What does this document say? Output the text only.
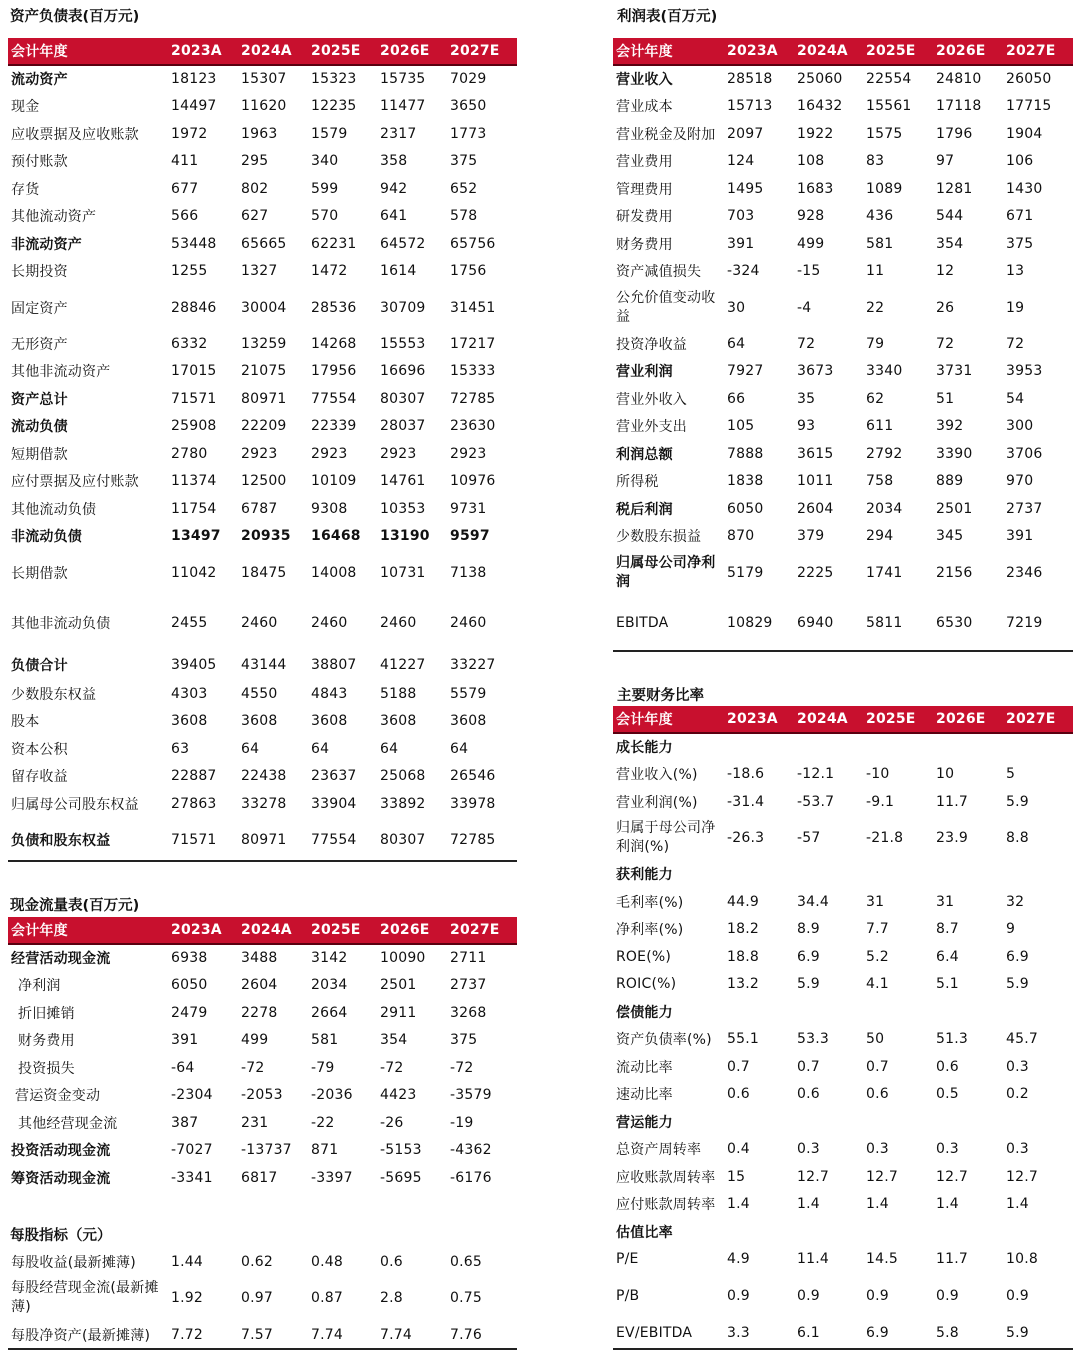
资产负债表(百万元)
会计年度	2023A	2024A	2025E	2026E	2027E
流动资产	18123	15307	15323	15735	7029
现金	14497	11620	12235	11477	3650
应收票据及应收账款	1972	1963	1579	2317	1773
预付账款	411	295	340	358	375
存货	677	802	599	942	652
其他流动资产	566	627	570	641	578
非流动资产	53448	65665	62231	64572	65756
长期投资	1255	1327	1472	1614	1756
固定资产	28846	30004	28536	30709	31451
无形资产	6332	13259	14268	15553	17217
其他非流动资产	17015	21075	17956	16696	15333
资产总计	71571	80971	77554	80307	72785
流动负债	25908	22209	22339	28037	23630
短期借款	2780	2923	2923	2923	2923
应付票据及应付账款	11374	12500	10109	14761	10976
其他流动负债	11754	6787	9308	10353	9731
非流动负债	13497	20935	16468	13190	9597
长期借款	11042	18475	14008	10731	7138
其他非流动负债	2455	2460	2460	2460	2460
负债合计	39405	43144	38807	41227	33227
少数股东权益	4303	4550	4843	5188	5579
股本	3608	3608	3608	3608	3608
资本公积	63	64	64	64	64
留存收益	22887	22438	23637	25068	26546
归属母公司股东权益	27863	33278	33904	33892	33978
负债和股东权益	71571	80971	77554	80307	72785
现金流量表(百万元)
会计年度	2023A	2024A	2025E	2026E	2027E
经营活动现金流	6938	3488	3142	10090	2711
净利润	6050	2604	2034	2501	2737
折旧摊销	2479	2278	2664	2911	3268
财务费用	391	499	581	354	375
投资损失	-64	-72	-79	-72	-72
营运资金变动	-2304	-2053	-2036	4423	-3579
其他经营现金流	387	231	-22	-26	-19
投资活动现金流	-7027	-13737	871	-5153	-4362
筹资活动现金流	-3341	6817	-3397	-5695	-6176
每股指标（元）
每股收益(最新摊薄)	1.44	0.62	0.48	0.6	0.65
每股经营现金流(最新摊薄)	1.92	0.97	0.87	2.8	0.75
每股净资产(最新摊薄)	7.72	7.57	7.74	7.74	7.76
利润表(百万元)
会计年度	2023A	2024A	2025E	2026E	2027E
营业收入	28518	25060	22554	24810	26050
营业成本	15713	16432	15561	17118	17715
营业税金及附加	2097	1922	1575	1796	1904
营业费用	124	108	83	97	106
管理费用	1495	1683	1089	1281	1430
研发费用	703	928	436	544	671
财务费用	391	499	581	354	375
资产减值损失	-324	-15	11	12	13
公允价值变动收益	30	-4	22	26	19
投资净收益	64	72	79	72	72
营业利润	7927	3673	3340	3731	3953
营业外收入	66	35	62	51	54
营业外支出	105	93	611	392	300
利润总额	7888	3615	2792	3390	3706
所得税	1838	1011	758	889	970
税后利润	6050	2604	2034	2501	2737
少数股东损益	870	379	294	345	391
归属母公司净利润	5179	2225	1741	2156	2346
EBITDA	10829	6940	5811	6530	7219
主要财务比率
会计年度	2023A	2024A	2025E	2026E	2027E
成长能力					
营业收入(%)	-18.6	-12.1	-10	10	5
营业利润(%)	-31.4	-53.7	-9.1	11.7	5.9
归属于母公司净利润(%)	-26.3	-57	-21.8	23.9	8.8
获利能力					
毛利率(%)	44.9	34.4	31	31	32
净利率(%)	18.2	8.9	7.7	8.7	9
ROE(%)	18.8	6.9	5.2	6.4	6.9
ROIC(%)	13.2	5.9	4.1	5.1	5.9
偿债能力					
资产负债率(%)	55.1	53.3	50	51.3	45.7
流动比率	0.7	0.7	0.7	0.6	0.3
速动比率	0.6	0.6	0.6	0.5	0.2
营运能力					
总资产周转率	0.4	0.3	0.3	0.3	0.3
应收账款周转率	15	12.7	12.7	12.7	12.7
应付账款周转率	1.4	1.4	1.4	1.4	1.4
估值比率					
P/E	4.9	11.4	14.5	11.7	10.8
P/B	0.9	0.9	0.9	0.9	0.9
EV/EBITDA	3.3	6.1	6.9	5.8	5.9
